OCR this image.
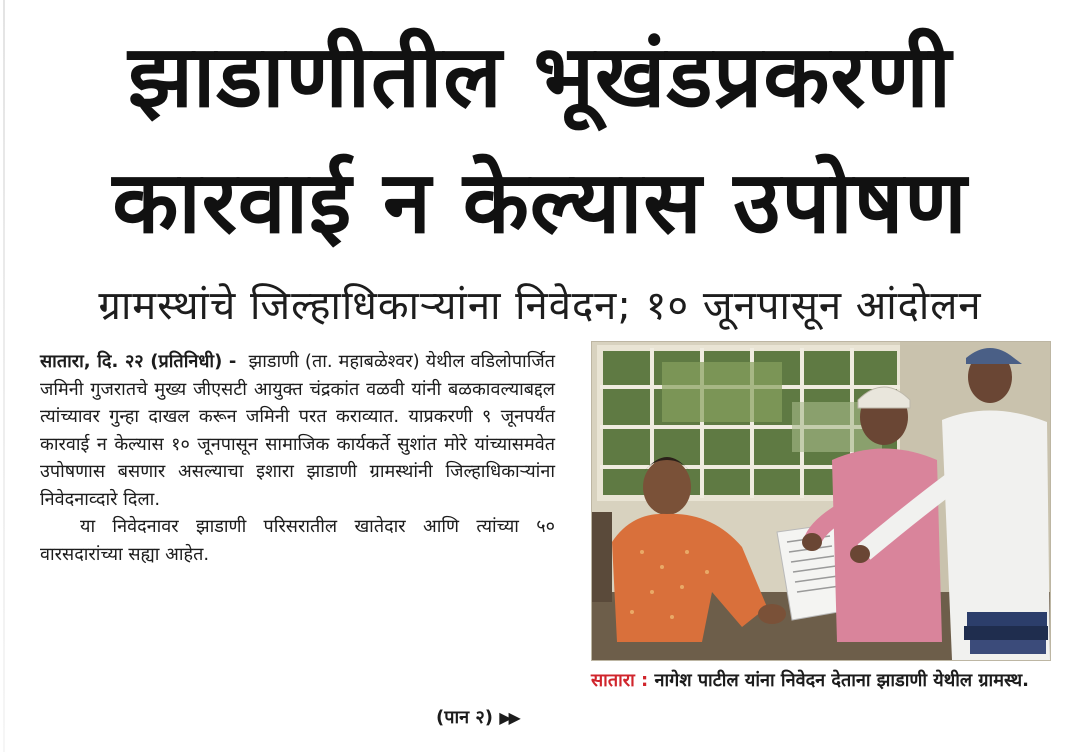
झाडाणीतील भूखंडप्रकरणी
कारवाई न केल्यास उपोषण
ग्रामस्थांचे जिल्हाधिकाऱ्यांना निवेदन; १० जूनपासून आंदोलन

सातारा, दि. २२ (प्रतिनिधी) - झाडाणी (ता. महाबळेश्वर) येथील वडिलोपार्जित जमिनी गुजरातचे मुख्य जीएसटी आयुक्त चंद्रकांत वळवी यांनी बळकावल्याबद्दल त्यांच्यावर गुन्हा दाखल करून जमिनी परत कराव्यात. याप्रकरणी ९ जूनपर्यंत कारवाई न केल्यास १० जूनपासून सामाजिक कार्यकर्ते सुशांत मोरे यांच्यासमवेत उपोषणास बसणार असल्याचा इशारा झाडाणी ग्रामस्थांनी जिल्हाधिकाऱ्यांना निवेदनाव्दारे दिला.

या निवेदनावर झाडाणी परिसरातील खातेदार आणि त्यांच्या ५० वारसदारांच्या सह्या आहेत.

(पान २) ▶▶
सातारा : नागेश पाटील यांना निवेदन देताना झाडाणी येथील ग्रामस्थ.
